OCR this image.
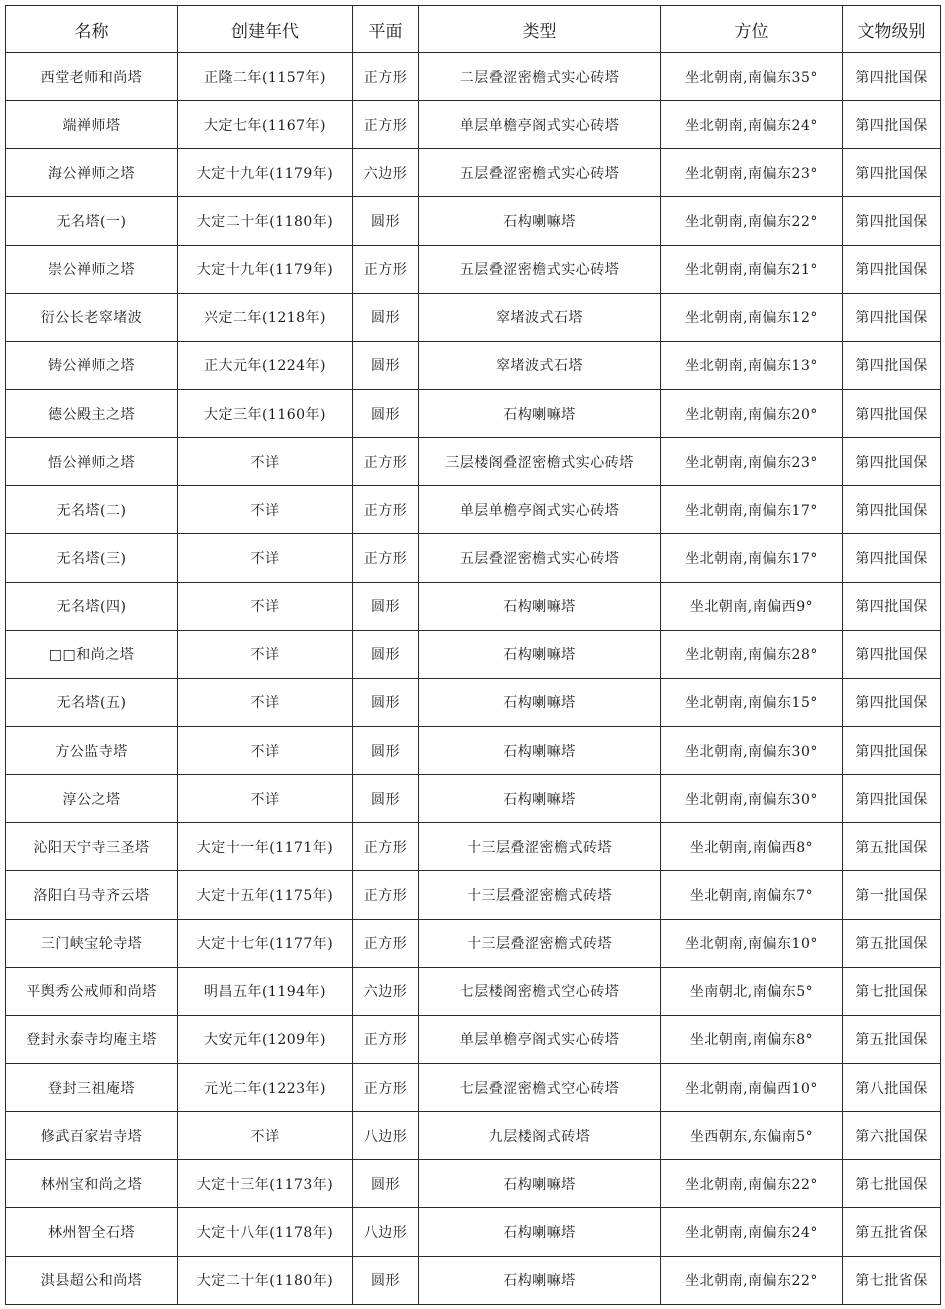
名称	创建年代	平面	类型	方位	文物级别
西堂老师和尚塔	正隆二年(1157年)	正方形	二层叠涩密檐式实心砖塔	坐北朝南,南偏东35°	第四批国保
端禅师塔	大定七年(1167年)	正方形	单层单檐亭阁式实心砖塔	坐北朝南,南偏东24°	第四批国保
海公禅师之塔	大定十九年(1179年)	六边形	五层叠涩密檐式实心砖塔	坐北朝南,南偏东23°	第四批国保
无名塔(一)	大定二十年(1180年)	圆形	石构喇嘛塔	坐北朝南,南偏东22°	第四批国保
崇公禅师之塔	大定十九年(1179年)	正方形	五层叠涩密檐式实心砖塔	坐北朝南,南偏东21°	第四批国保
衍公长老窣堵波	兴定二年(1218年)	圆形	窣堵波式石塔	坐北朝南,南偏东12°	第四批国保
铸公禅师之塔	正大元年(1224年)	圆形	窣堵波式石塔	坐北朝南,南偏东13°	第四批国保
德公殿主之塔	大定三年(1160年)	圆形	石构喇嘛塔	坐北朝南,南偏东20°	第四批国保
悟公禅师之塔	不详	正方形	三层楼阁叠涩密檐式实心砖塔	坐北朝南,南偏东23°	第四批国保
无名塔(二)	不详	正方形	单层单檐亭阁式实心砖塔	坐北朝南,南偏东17°	第四批国保
无名塔(三)	不详	正方形	五层叠涩密檐式实心砖塔	坐北朝南,南偏东17°	第四批国保
无名塔(四)	不详	圆形	石构喇嘛塔	坐北朝南,南偏西9°	第四批国保
□□和尚之塔	不详	圆形	石构喇嘛塔	坐北朝南,南偏东28°	第四批国保
无名塔(五)	不详	圆形	石构喇嘛塔	坐北朝南,南偏东15°	第四批国保
方公监寺塔	不详	圆形	石构喇嘛塔	坐北朝南,南偏东30°	第四批国保
淳公之塔	不详	圆形	石构喇嘛塔	坐北朝南,南偏东30°	第四批国保
沁阳天宁寺三圣塔	大定十一年(1171年)	正方形	十三层叠涩密檐式砖塔	坐北朝南,南偏西8°	第五批国保
洛阳白马寺齐云塔	大定十五年(1175年)	正方形	十三层叠涩密檐式砖塔	坐北朝南,南偏东7°	第一批国保
三门峡宝轮寺塔	大定十七年(1177年)	正方形	十三层叠涩密檐式砖塔	坐北朝南,南偏东10°	第五批国保
平舆秀公戒师和尚塔	明昌五年(1194年)	六边形	七层楼阁密檐式空心砖塔	坐南朝北,南偏东5°	第七批国保
登封永泰寺均庵主塔	大安元年(1209年)	正方形	单层单檐亭阁式实心砖塔	坐北朝南,南偏东8°	第五批国保
登封三祖庵塔	元光二年(1223年)	正方形	七层叠涩密檐式空心砖塔	坐北朝南,南偏西10°	第八批国保
修武百家岩寺塔	不详	八边形	九层楼阁式砖塔	坐西朝东,东偏南5°	第六批国保
林州宝和尚之塔	大定十三年(1173年)	圆形	石构喇嘛塔	坐北朝南,南偏东22°	第七批国保
林州智全石塔	大定十八年(1178年)	八边形	石构喇嘛塔	坐北朝南,南偏东24°	第五批省保
淇县超公和尚塔	大定二十年(1180年)	圆形	石构喇嘛塔	坐北朝南,南偏东22°	第七批省保
